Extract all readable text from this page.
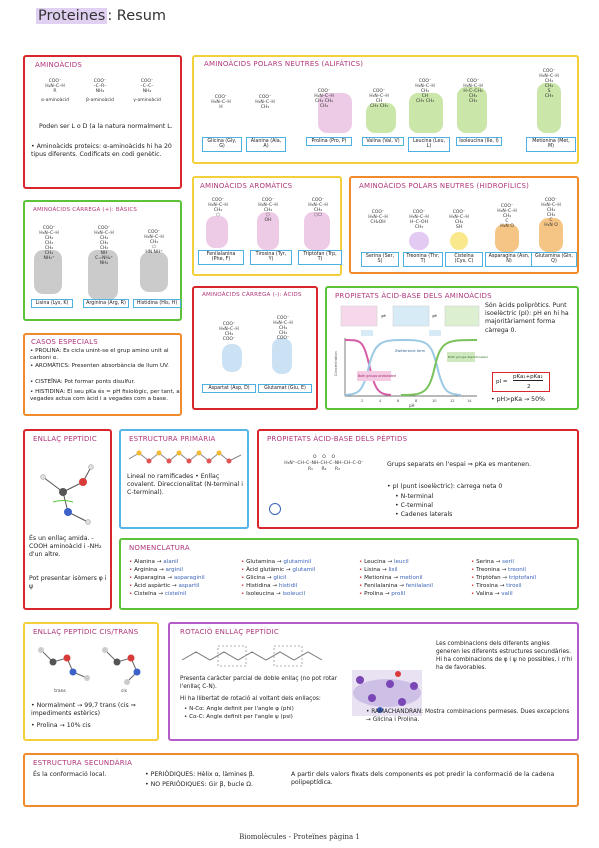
Proteines : Resum
AMINOÀCIDS
COO⁻
H₂N–C–H
R
COO⁻
–C–R–
NH₂
COO⁻
–C–C–
NH₂
α-aminoàcid	β-aminoàcid	γ-aminoàcid
Poden ser L o D (a la natura normalment L.
• Aminoàcids proteics: α-aminoàcids hi ha 20 tipus diferents. Codificats en codi genètic.
AMINOÀCIDS POLARS NEUTRES (ALIFÀTICS)
COO⁻
H₃N–C–H
H
COO⁻
H₃N–C–H
CH₃
COO⁻
H₂N–C–H
CH₂ CH₂
CH₂
COO⁻
H₃N–C–H
CH
CH₃ CH₃
COO⁻
H₃N–C–H
CH₂
CH
CH₃ CH₃
COO⁻
H₃N–C–H
H–C–CH₃
CH₂
CH₃
COO⁻
H₃N–C–H
CH₂
CH₂
S
CH₃
Glicina (Gly, G)
Alanina (Ala, A)
Prolina (Pro, P)	Valina (Val, V)	Leucina (Leu, L)
Isoleucina (Ile, I)	Metionina (Met, M)
AMINOÀCIDS AROMÀTICS
COO⁻
H₃N–C–H
CH₂
⬡
COO⁻
H₃N–C–H
CH₂
⬡
OH
COO⁻
H₃N–C–H
CH₂
⬡⬠
Fenilalanina (Phe, F)
Tirosina (Tyr, Y)
Triptòfan (Trp, T)
AMINOÀCIDS POLARS NEUTRES (HIDROFÍLICS)
COO⁻
H₃N–C–H
CH₂OH
COO⁻
H₃N–C–H
H–C–OH
CH₃
COO⁻
H₃N–C–H
CH₂
SH
COO⁻
H₃N–C–H
CH₂
C
H₂N O
COO⁻
H₃N–C–H
CH₂
CH₂
C
H₂N O
Serina (Ser, S)
Treonina (Thr, T)
Cisteïna (Cys, C)
Asparagina (Asn, N)
Glutamina (Gln, Q)
AMINOÀCIDS CÀRREGA (+): BÀSICS
COO⁻
H₃N–C–H
CH₂
CH₂
CH₂
CH₂
NH₃⁺
COO⁻
H₃N–C–H
CH₂
CH₂
CH₂
NH
C=NH₂⁺
NH₂
COO⁻
H₃N–C–H
CH₂
⬠
HN NH⁺
Lisina (Lys, K)	Arginina (Arg, R)	Histidina (His, H)
AMINOÀCIDS CÀRREGA (-): ÀCIDS
COO⁻
H₃N–C–H
CH₂
COO⁻
COO⁻
H₃N–C–H
CH₂
CH₂
COO⁻
Aspartat (Asp, D)	Glutamat (Glu, E)
PROPIETATS ÀCID-BASE DELS AMINOÀCIDS
⇌	⇌
Concentration
pH
Zwitterionic form
Both groups protonated
Both groups deprotonated
2	4	6	8	10	12	14
Són àcids polipròtics. Punt isoelèctric (pI): pH en hi ha majoritàriament forma càrrega 0.
pI =
pKa₁+pKa₂
2
• pH>pKa → 50%
CASOS ESPECIALS
• PROLINA: Es cicla unint-se el grup amino unit al carboni α.
• AROMÀTICS: Presenten absorbància de llum UV.
• CISTEÏNA: Pot formar ponts disulfur.
• HISTIDINA: El seu pKa és ≈ pH fisiològic, per tant, a vegades actua com àcid i a vegades com a base.
ENLLAÇ PEPTÍDIC
És un enllaç amida. -COOH aminoàcid i -NH₂ d'un altre.
Pot presentar isòmers φ i ψ
ESTRUCTURA PRIMÀRIA
Lineal no ramificades • Enllaç covalent. Direccionalitat (N-terminal i C-terminal).
PROPIETATS ÀCID-BASE DELS PÈPTIDS
O    O    O
H₃N⁺–CH–C–NH–CH–C–NH–CH–C–O⁻
R₁      R₂      R₃
Grups separats en l'espai ⇒ pKa es mantenen.
• pI (punt isoelèctric): càrrega neta 0
• N-terminal
• C-terminal
• Cadenes laterals
NOMENCLATURA
• Alanina → alanil
• Arginina → arginil
• Asparagina → asparaginil
• Àcid aspàrtic → aspartil
• Cisteïna → cisteïnil
• Glutamina → glutaminil
• Àcid glutàmic → glutamil
• Glicina → glicil
• Histidina → histidil
• Isoleucina → isoleucil
• Leucina → leucil
• Lisina → lisil
• Metionina → metionil
• Fenilalanina → fenilalanil
• Prolina → prolil
• Serina → seril
• Treonina → treonil
• Triptòfan → triptofanil
• Tirosina → tirosil
• Valina → valil
ENLLAÇ PEPTÍDIC CIS/TRANS
trans	cis
• Normalment → 99,7 trans (cis ⇒ impediments estèrics)
• Prolina → 10% cis
ROTACIÓ ENLLAÇ PEPTÍDIC
Presenta caràcter parcial de doble enllaç (no pot rotar l'enllaç C-N).
Hi ha llibertat de rotació al voltant dels enllaços:
• N-Cα: Angle definit per l'angle φ (phi)
• Cα-C: Angle definit per l'angle ψ (psi)
Les combinacions dels diferents angles generen les diferents estructures secundàries. Hi ha combinacions de φ i ψ no possibles, i n'hi ha de favorables.
• RAMACHANDRAN: Mostra combinacions permeses. Dues excepcions → Glicina i Prolina.
ESTRUCTURA SECUNDÀRIA
És la conformació local.	• PERIÒDIQUES: Hèlix α, làmines β.
• NO PERIÒDIQUES: Gir β, bucle Ω.
A partir dels valors fixats dels components es pot predir la conformació de la cadena polipeptídica.
Biomolècules - Proteïnes pàgina 1
